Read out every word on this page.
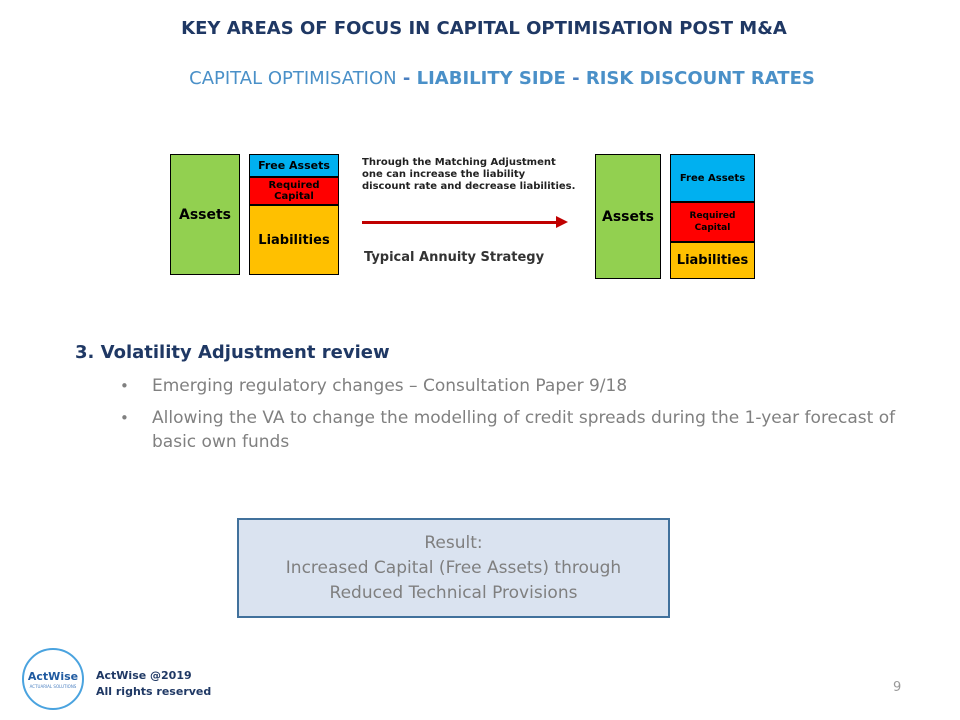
KEY AREAS OF FOCUS IN CAPITAL OPTIMISATION POST M&A
CAPITAL OPTIMISATION - LIABILITY SIDE - RISK DISCOUNT RATES
Assets
Free Assets
Required
Capital
Liabilities
Through the Matching Adjustment one can increase the liability discount rate and decrease liabilities.
Typical Annuity Strategy
Assets
Free Assets
Required
Capital
Liabilities
3. Volatility Adjustment review
• Emerging regulatory changes – Consultation Paper 9/18
• Allowing the VA to change the modelling of credit spreads during the 1-year forecast of basic own funds
Result:
Increased Capital (Free Assets) through
Reduced Technical Provisions
ActWise
ACTUARIAL SOLUTIONS
ActWise @2019
All rights reserved	9
